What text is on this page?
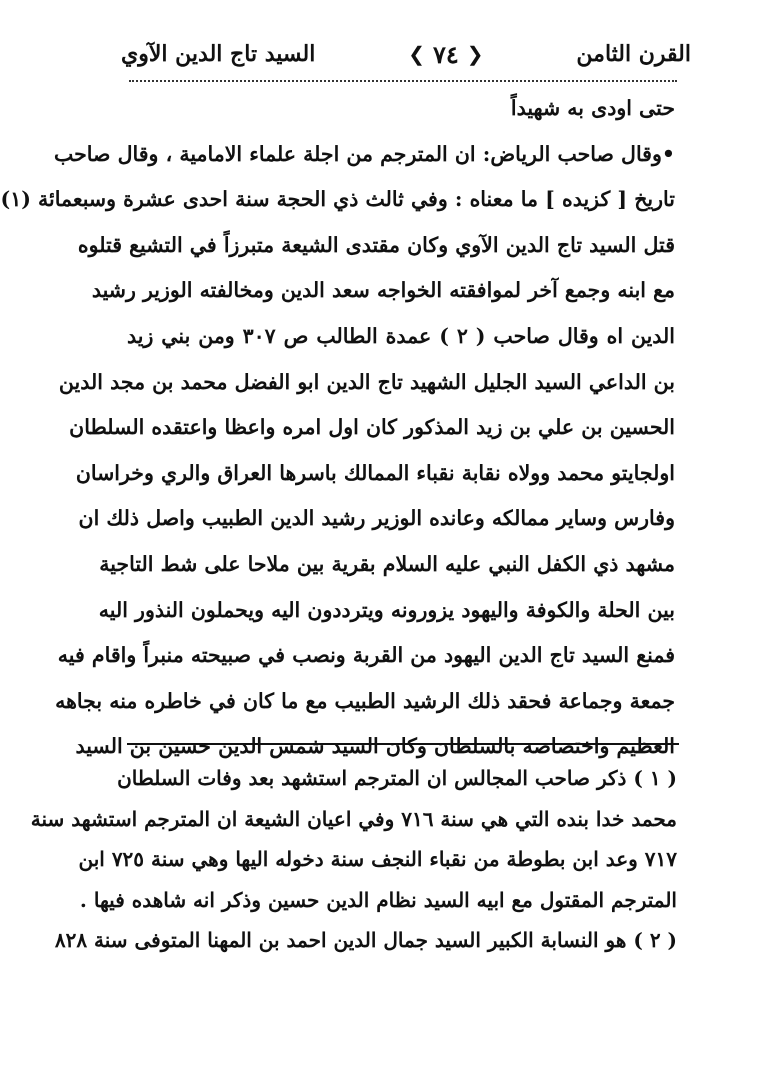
القرن الثامن
❮ ٧٤ ❯
السيد تاج الدين الآوي
حتى اودى به شهيداً
•وقال صاحب الرياض: ان المترجم من اجلة علماء الامامية ، وقال صاحب
تاريخ [ كزيده ] ما معناه : وفي ثالث ذي الحجة سنة احدى عشرة وسبعمائة (١)
قتل السيد تاج الدين الآوي وكان مقتدى الشيعة متبرزاً في التشيع قتلوه
مع ابنه وجمع آخر لموافقته الخواجه سعد الدين ومخالفته الوزير رشيد
الدين اه وقال صاحب ( ٢ ) عمدة الطالب ص ٣٠٧ ومن بني زيد
بن الداعي السيد الجليل الشهيد تاج الدين ابو الفضل محمد بن مجد الدين
الحسين بن علي بن زيد المذكور كان اول امره واعظا واعتقده السلطان
اولجايتو محمد وولاه نقابة نقباء الممالك باسرها العراق والري وخراسان
وفارس وساير ممالكه وعانده الوزير رشيد الدين الطبيب واصل ذلك ان
مشهد ذي الكفل النبي عليه السلام بقرية بين ملاحا على شط التاجية
بين الحلة والكوفة واليهود يزورونه ويترددون اليه ويحملون النذور اليه
فمنع السيد تاج الدين اليهود من القربة ونصب في صبيحته منبراً واقام فيه
جمعة وجماعة فحقد ذلك الرشيد الطبيب مع ما كان في خاطره منه بجاهه
العظيم واختصاصه بالسلطان وكان السيد شمس الدين حسين بن السيد
( ١ ) ذكر صاحب المجالس ان المترجم استشهد بعد وفات السلطان
محمد خدا بنده التي هي سنة ٧١٦ وفي اعيان الشيعة ان المترجم استشهد سنة
٧١٧ وعد ابن بطوطة من نقباء النجف سنة دخوله اليها وهي سنة ٧٢٥ ابن
المترجم المقتول مع ابيه السيد نظام الدين حسين وذكر انه شاهده فيها .
( ٢ ) هو النسابة الكبير السيد جمال الدين احمد بن المهنا المتوفى سنة ٨٢٨
